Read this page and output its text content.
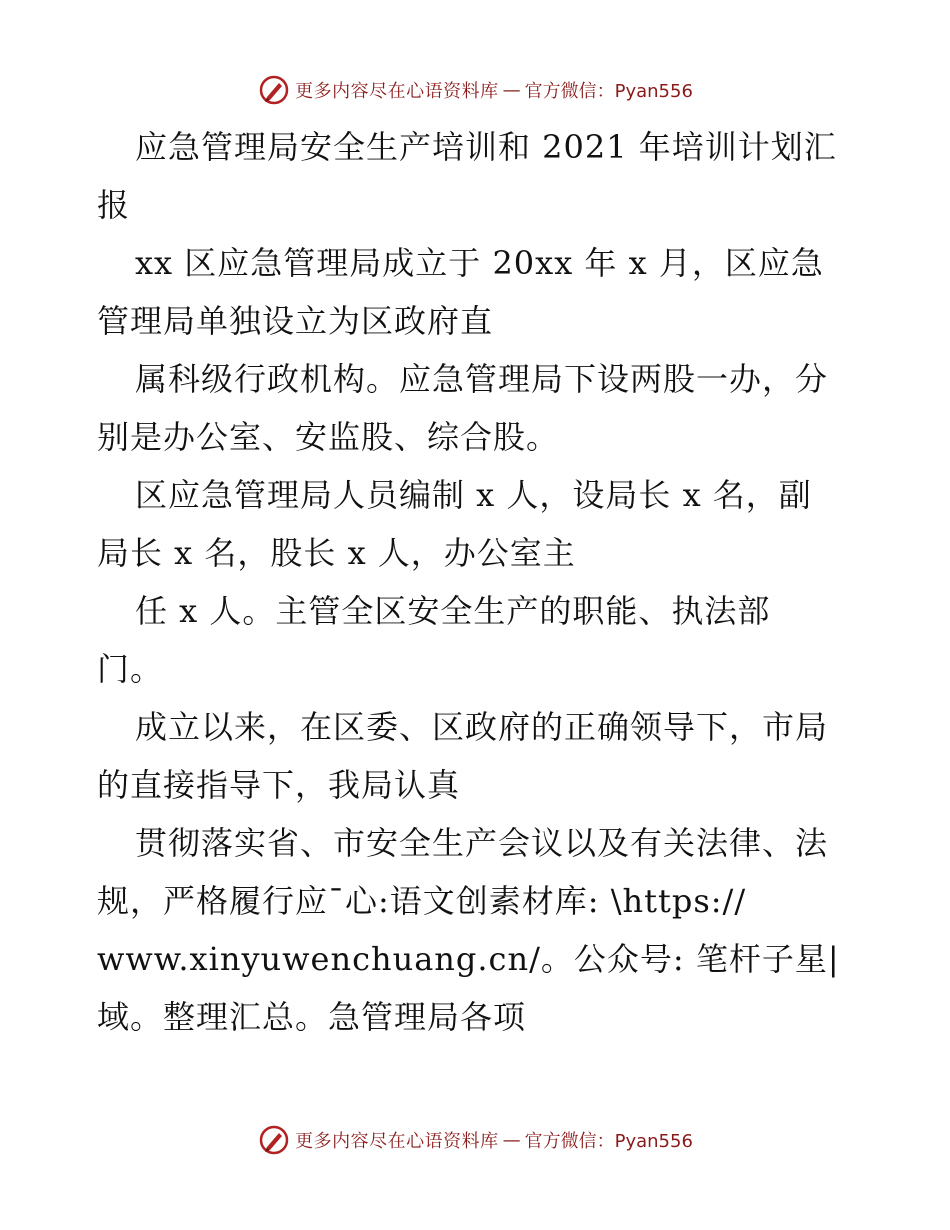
更多内容尽在心语资料库 — 官方微信：Pyan556
应急管理局安全生产培训和 2021 年培训计划汇
报
xx 区应急管理局成立于 20xx 年 x 月，区应急
管理局单独设立为区政府直
属科级行政机构。应急管理局下设两股一办，分
别是办公室、安监股、综合股。
区应急管理局人员编制 x 人，设局长 x 名，副
局长 x 名，股长 x 人，办公室主
任 x 人。主管全区安全生产的职能、执法部
门。
成立以来，在区委、区政府的正确领导下，市局
的直接指导下，我局认真
贯彻落实省、市安全生产会议以及有关法律、法
规，严格履行应¯心:语文创素材库: \https://
www.xinyuwenchuang.cn/。公众号: 笔杆子星|
域。整理汇总。急管理局各项
更多内容尽在心语资料库 — 官方微信：Pyan556
